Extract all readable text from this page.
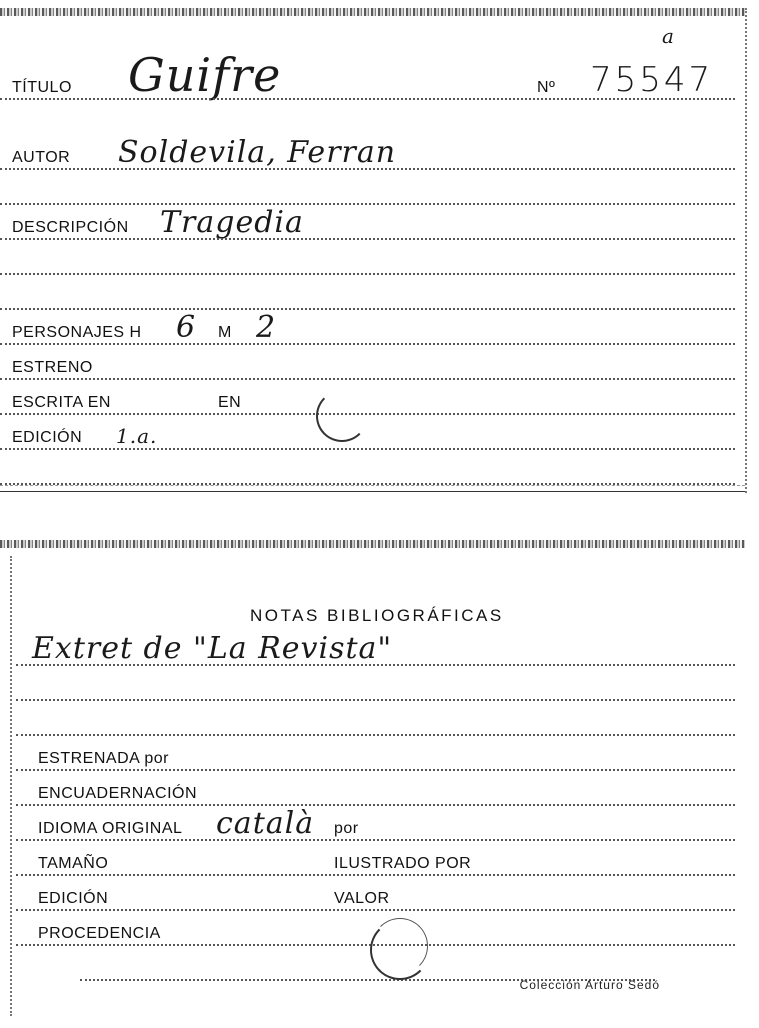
TÍTULO Guifre	Nº 75547
a
AUTOR Soldevila, Ferran
DESCRIPCIÓN Tragedia
PERSONAJES H 6 M 2
ESTRENO
ESCRITA EN	EN
EDICIÓN 1.a.
NOTAS BIBLIOGRÁFICAS
Extret de "La Revista"
ESTRENADA por
ENCUADERNACIÓN
IDIOMA ORIGINAL català por
TAMAÑO	ILUSTRADO POR
EDICIÓN	VALOR
PROCEDENCIA
Colección Arturo Sedó
